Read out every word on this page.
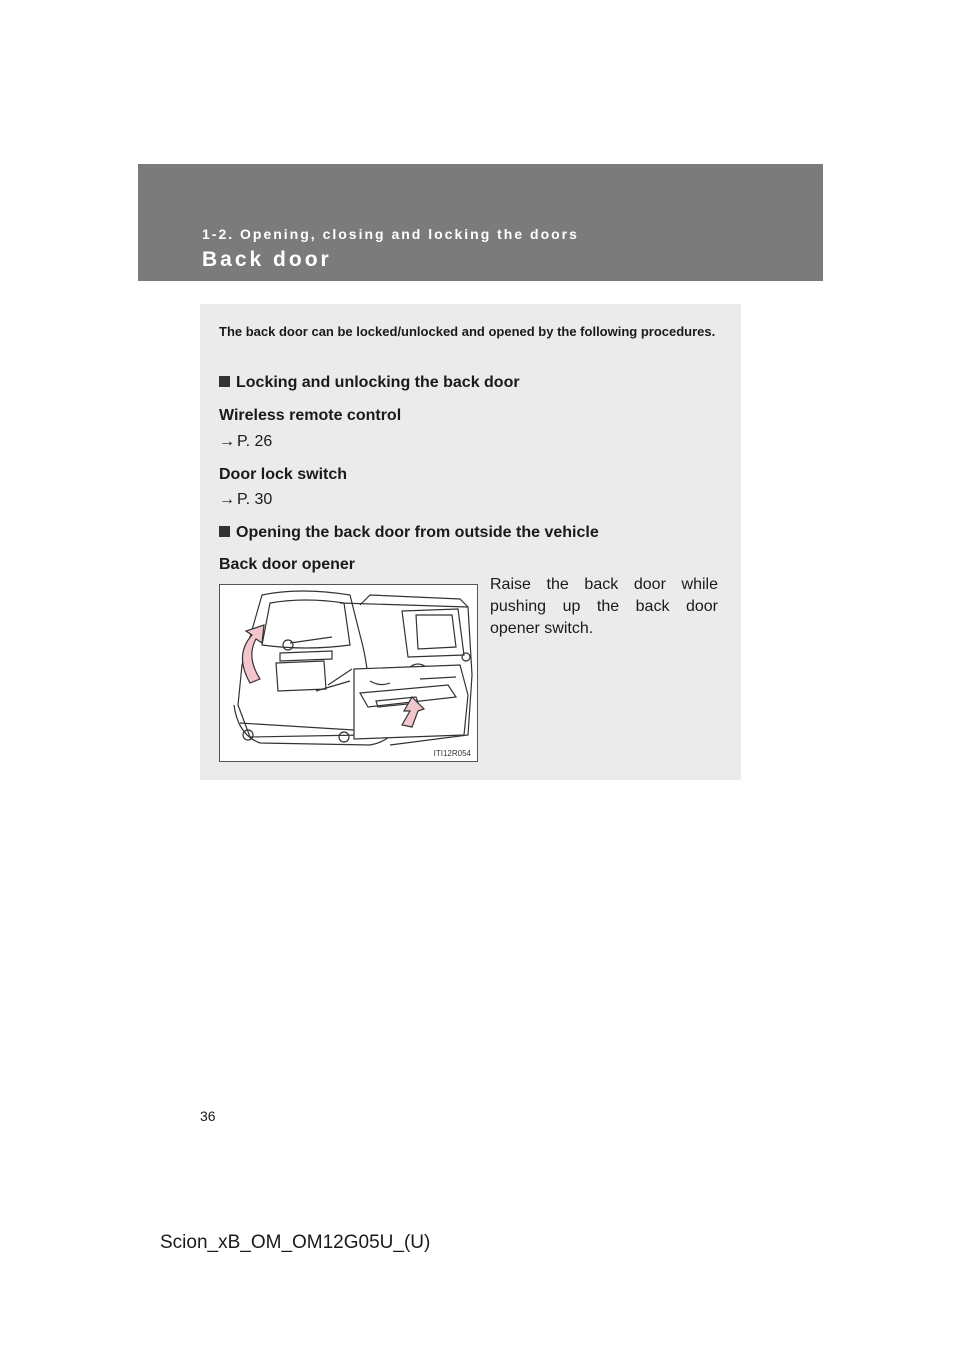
1-2. Opening, closing and locking the doors
Back door
The back door can be locked/unlocked and opened by the following procedures.
Locking and unlocking the back door
Wireless remote control
→ P. 26
Door lock switch
→ P. 30
Opening the back door from outside the vehicle
Back door opener
ITI12R054
Raise the back door while pushing up the back door opener switch.
36
Scion_xB_OM_OM12G05U_(U)
